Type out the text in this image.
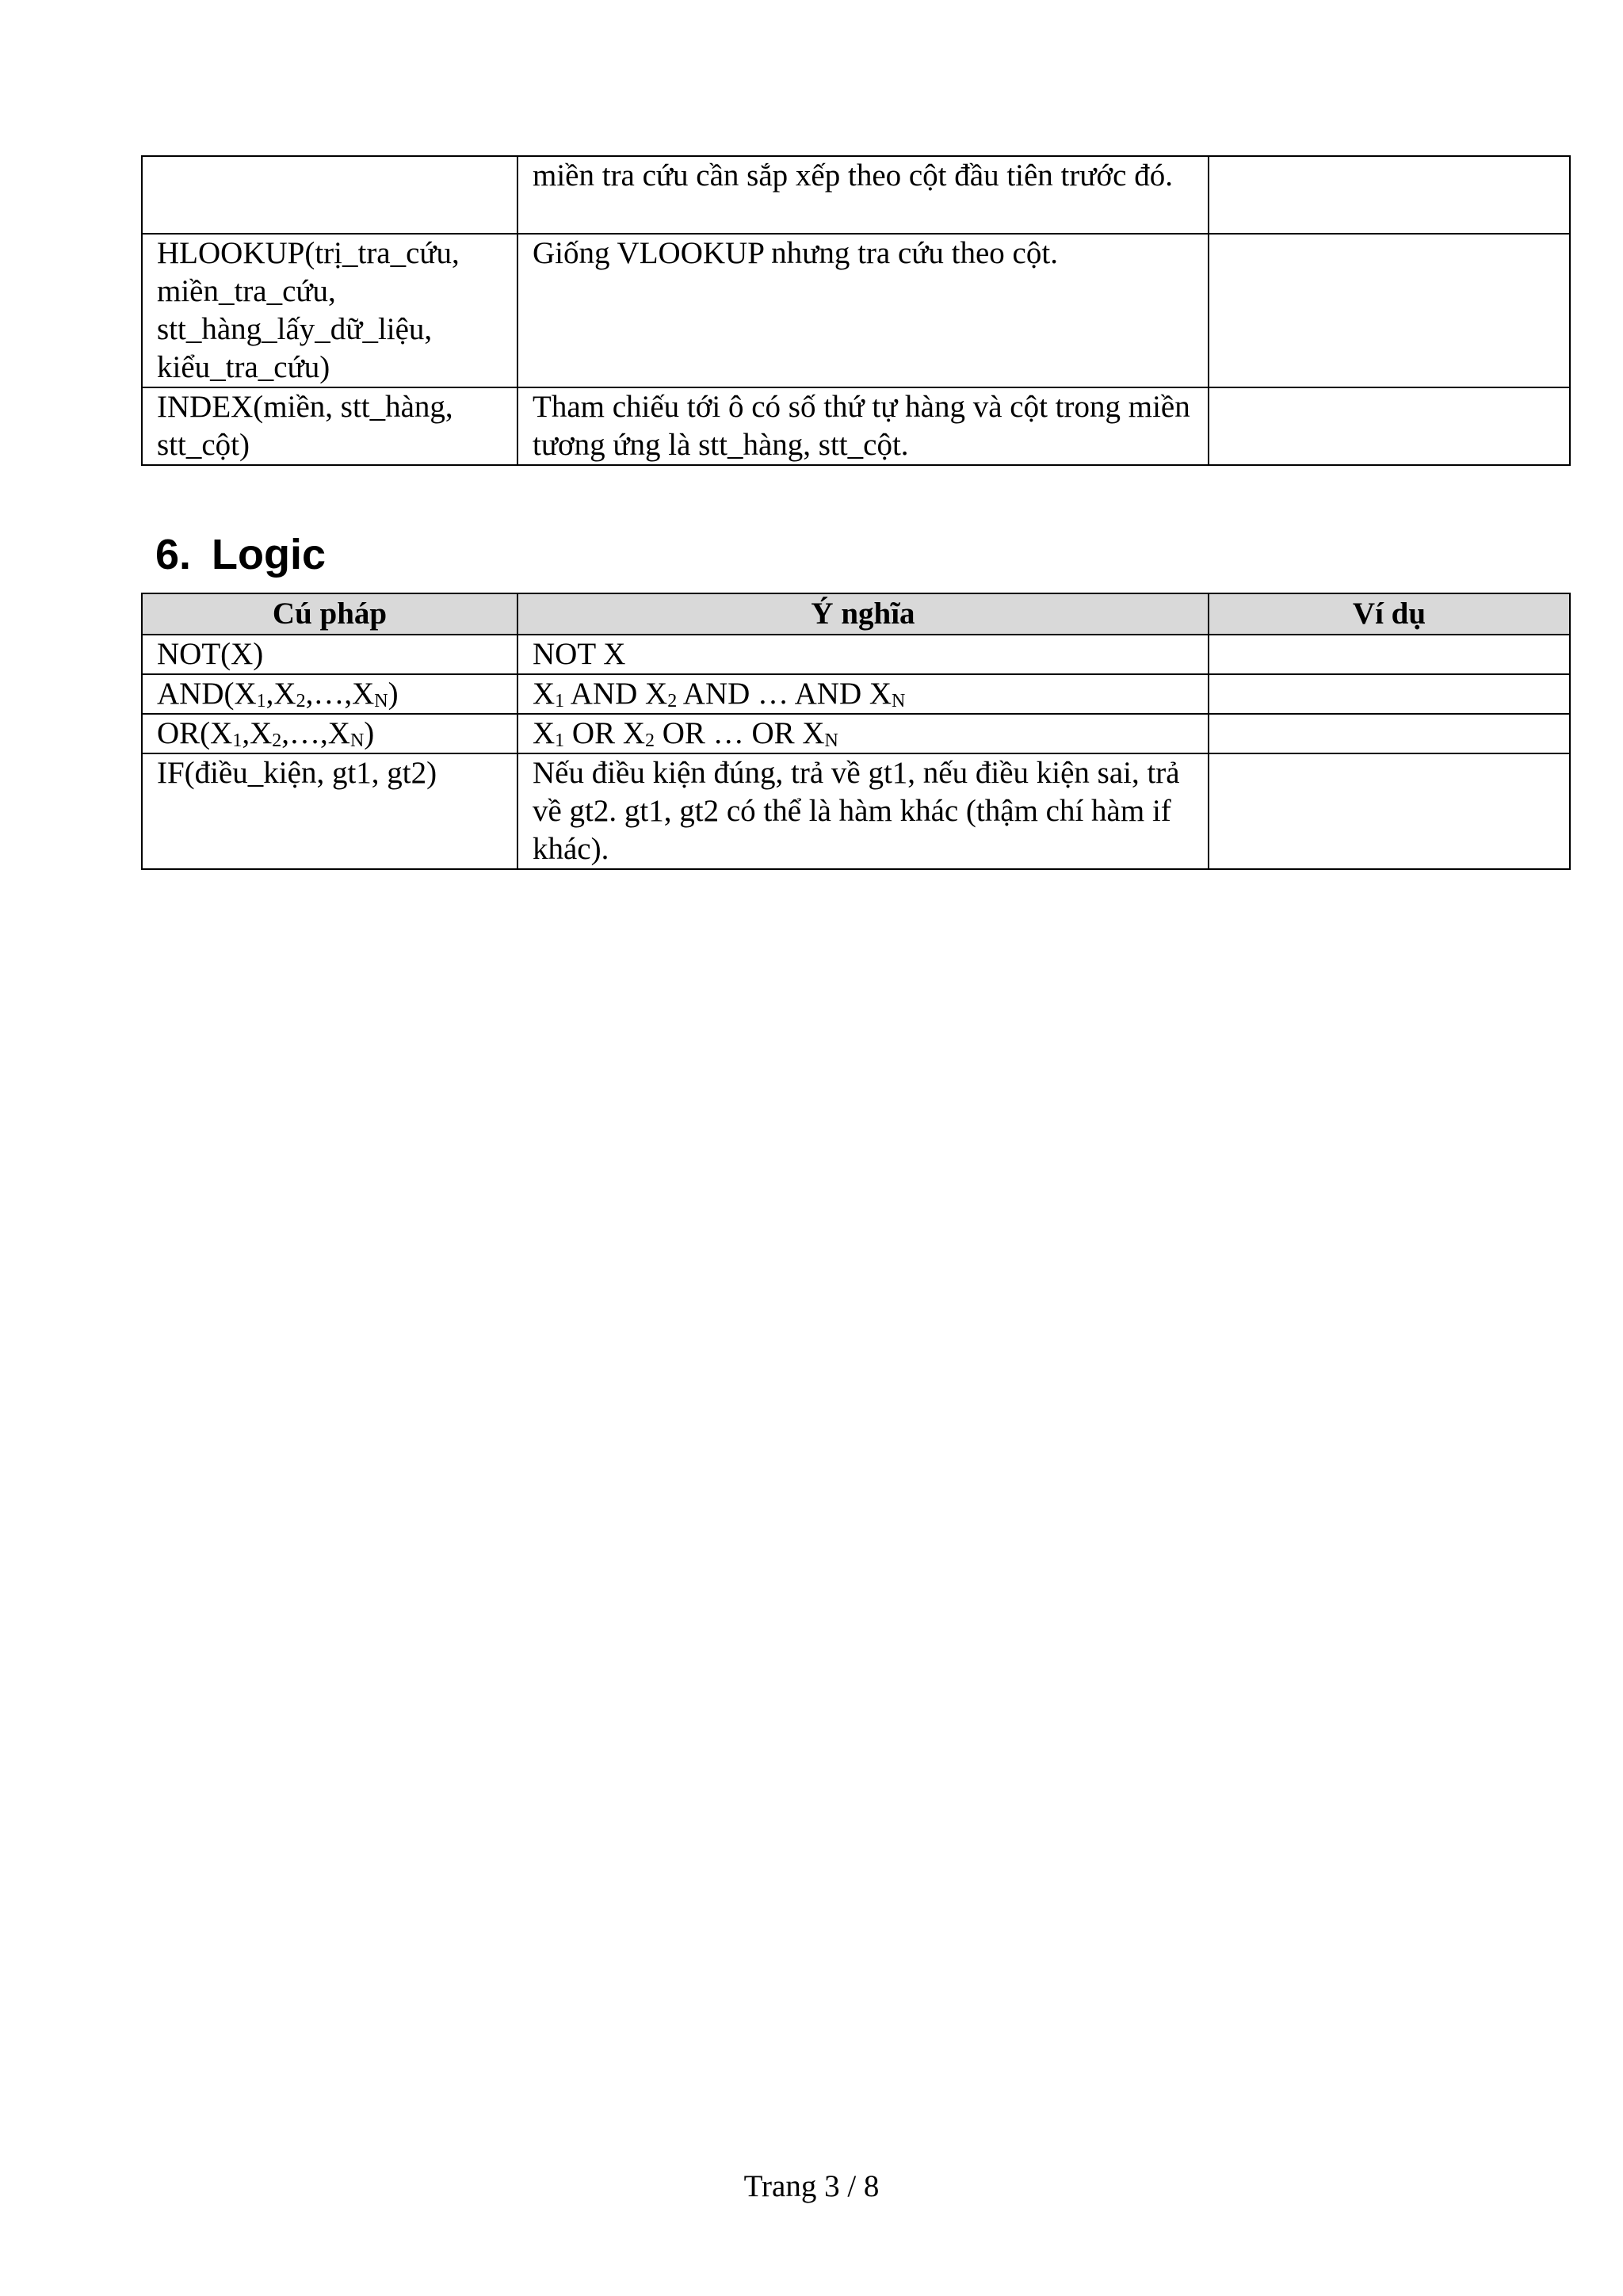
	miền tra cứu cần sắp xếp theo cột đầu tiên trước đó.	
HLOOKUP(trị_tra_cứu, miền_tra_cứu, stt_hàng_lấy_dữ_liệu, kiểu_tra_cứu)	Giống VLOOKUP nhưng tra cứu theo cột.	
INDEX(miền, stt_hàng, stt_cột)	Tham chiếu tới ô có số thứ tự hàng và cột trong miền tương ứng là stt_hàng, stt_cột.	
6. Logic
Cú pháp	Ý nghĩa	Ví dụ
NOT(X)	NOT X	
$AND(X_1,X_2,\dots,X_N)$	$X_1$ AND $X_2$ AND … AND $X_N$	
$OR(X_1,X_2,\dots,X_N)$	$X_1$ OR $X_2$ OR … OR $X_N$	
IF(điều_kiện, gt1, gt2)	Nếu điều kiện đúng, trả về gt1, nếu điều kiện sai, trả về gt2. gt1, gt2 có thể là hàm khác (thậm chí hàm if khác).	
Trang 3 / 8
